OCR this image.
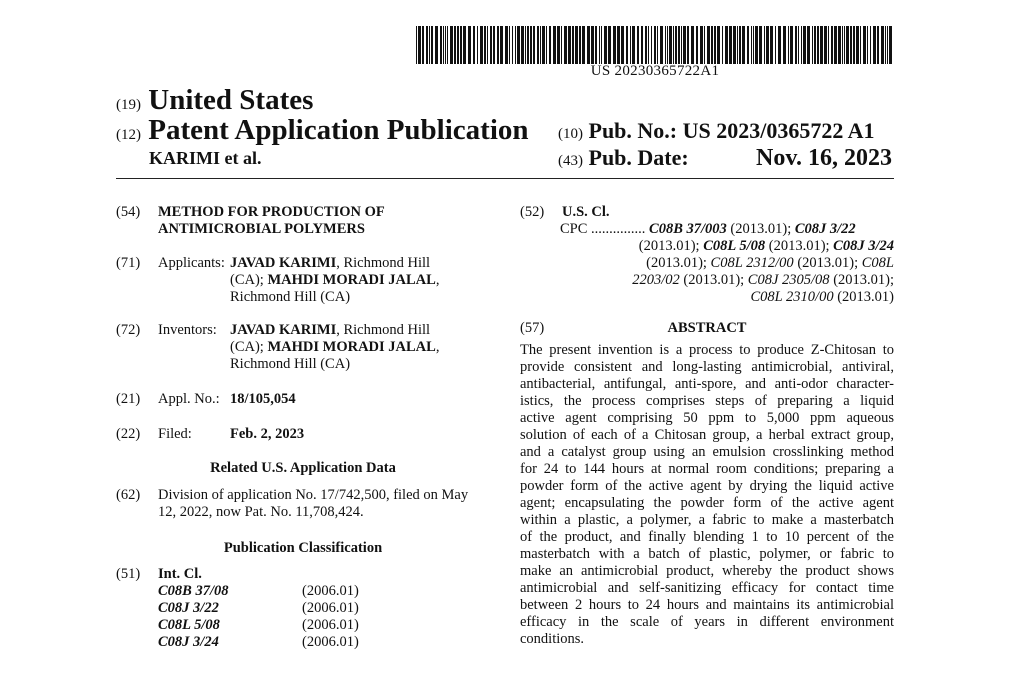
US 20230365722A1
(19) United States
(12) Patent Application Publication
KARIMI et al.
(10) Pub. No.: US 2023/0365722 A1
(43) Pub. Date:	Nov. 16, 2023
(54) METHOD FOR PRODUCTION OF
ANTIMICROBIAL POLYMERS
(71) Applicants: JAVAD KARIMI, Richmond Hill
(CA); MAHDI MORADI JALAL,
Richmond Hill (CA)
(72) Inventors: JAVAD KARIMI, Richmond Hill
(CA); MAHDI MORADI JALAL,
Richmond Hill (CA)
(21) Appl. No.: 18/105,054
(22) Filed:	Feb. 2, 2023
Related U.S. Application Data
(62) Division of application No. 17/742,500, filed on May
12, 2022, now Pat. No. 11,708,424.
Publication Classification
(51) Int. Cl.
C08B 37/08	(2006.01)
C08J 3/22	(2006.01)
C08L 5/08	(2006.01)
C08J 3/24	(2006.01)
(52) U.S. Cl.
CPC ............... C08B 37/003 (2013.01); C08J 3/22
(2013.01); C08L 5/08 (2013.01); C08J 3/24
(2013.01); C08L 2312/00 (2013.01); C08L
2203/02 (2013.01); C08J 2305/08 (2013.01);
C08L 2310/00 (2013.01)
(57)	ABSTRACT
The present invention is a process to produce Z-Chitosan to
provide consistent and long-lasting antimicrobial, antiviral,
antibacterial, antifungal, anti-spore, and anti-odor character-
istics, the process comprises steps of preparing a liquid
active agent comprising 50 ppm to 5,000 ppm aqueous
solution of each of a Chitosan group, a herbal extract group,
and a catalyst group using an emulsion crosslinking method
for 24 to 144 hours at normal room conditions; preparing a
powder form of the active agent by drying the liquid active
agent; encapsulating the powder form of the active agent
within a plastic, a polymer, a fabric to make a masterbatch
of the product, and finally blending 1 to 10 percent of the
masterbatch with a batch of plastic, polymer, or fabric to
make an antimicrobial product, whereby the product shows
antimicrobial and self-sanitizing efficacy for contact time
between 2 hours to 24 hours and maintains its antimicrobial
efficacy in the scale of years in different environment
conditions.
